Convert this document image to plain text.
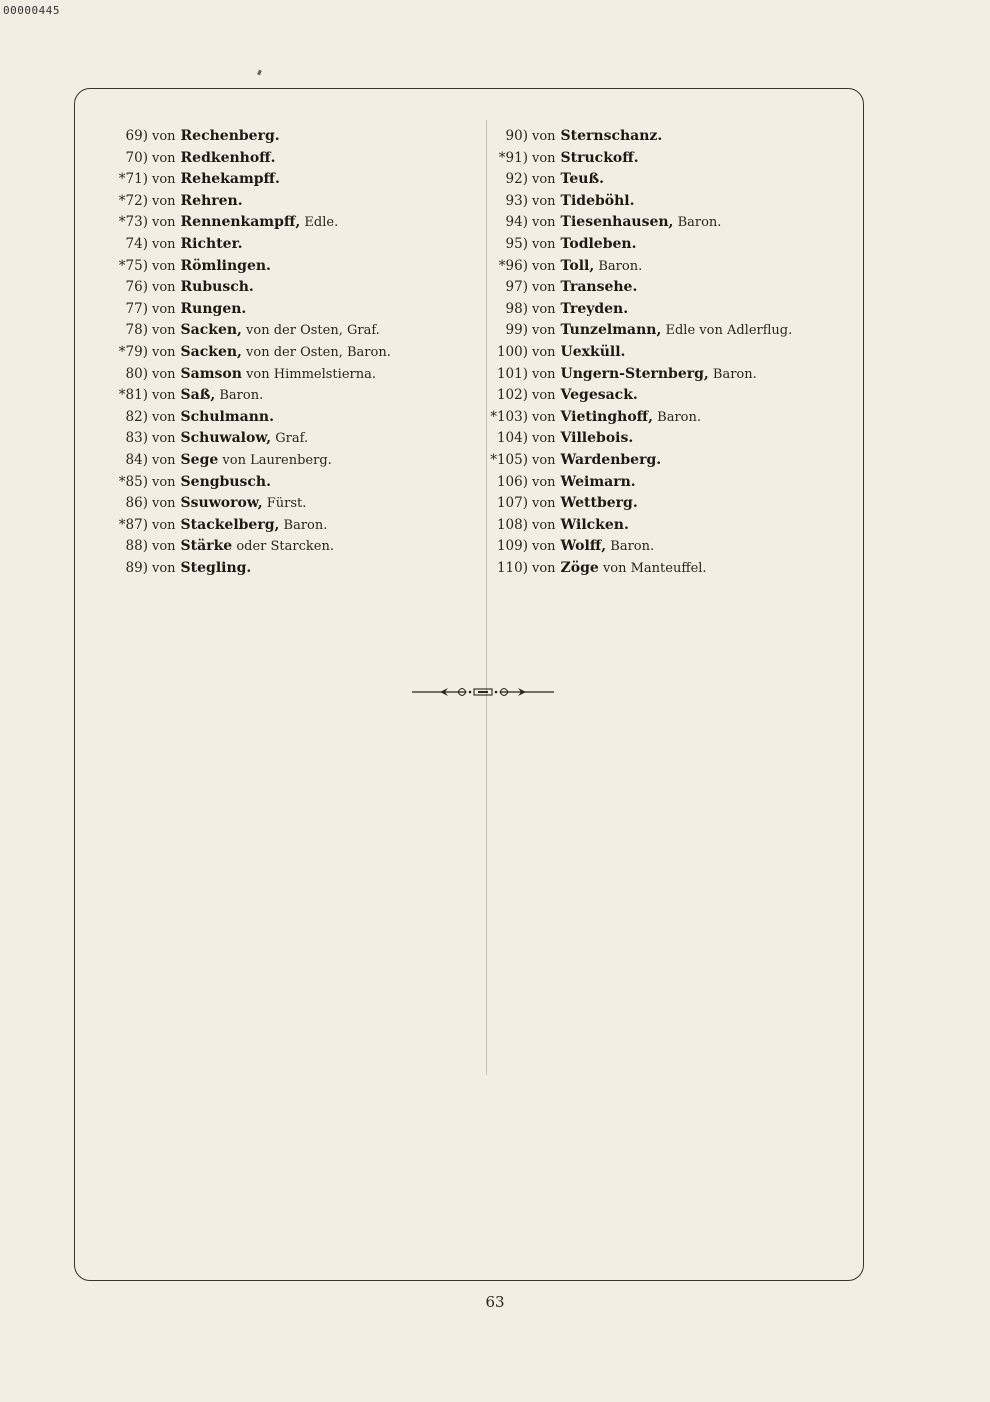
00000445
69) von Rechenberg.
70) von Redkenhoff.
*71) von Rehekampff.
*72) von Rehren.
*73) von Rennenkampff, Edle.
74) von Richter.
*75) von Römlingen.
76) von Rubusch.
77) von Rungen.
78) von Sacken, von der Osten, Graf.
*79) von Sacken, von der Osten, Baron.
80) von Samson von Himmelstierna.
*81) von Saß, Baron.
82) von Schulmann.
83) von Schuwalow, Graf.
84) von Sege von Laurenberg.
*85) von Sengbusch.
86) von Ssuworow, Fürst.
*87) von Stackelberg, Baron.
88) von Stärke oder Starcken.
89) von Stegling.
90) von Sternschanz.
*91) von Struckoff.
92) von Teuß.
93) von Tideböhl.
94) von Tiesenhausen, Baron.
95) von Todleben.
*96) von Toll, Baron.
97) von Transehe.
98) von Treyden.
99) von Tunzelmann, Edle von Adlerflug.
100) von Uexküll.
101) von Ungern-Sternberg, Baron.
102) von Vegesack.
*103) von Vietinghoff, Baron.
104) von Villebois.
*105) von Wardenberg.
106) von Weimarn.
107) von Wettberg.
108) von Wilcken.
109) von Wolff, Baron.
110) von Zöge von Manteuffel.
63
